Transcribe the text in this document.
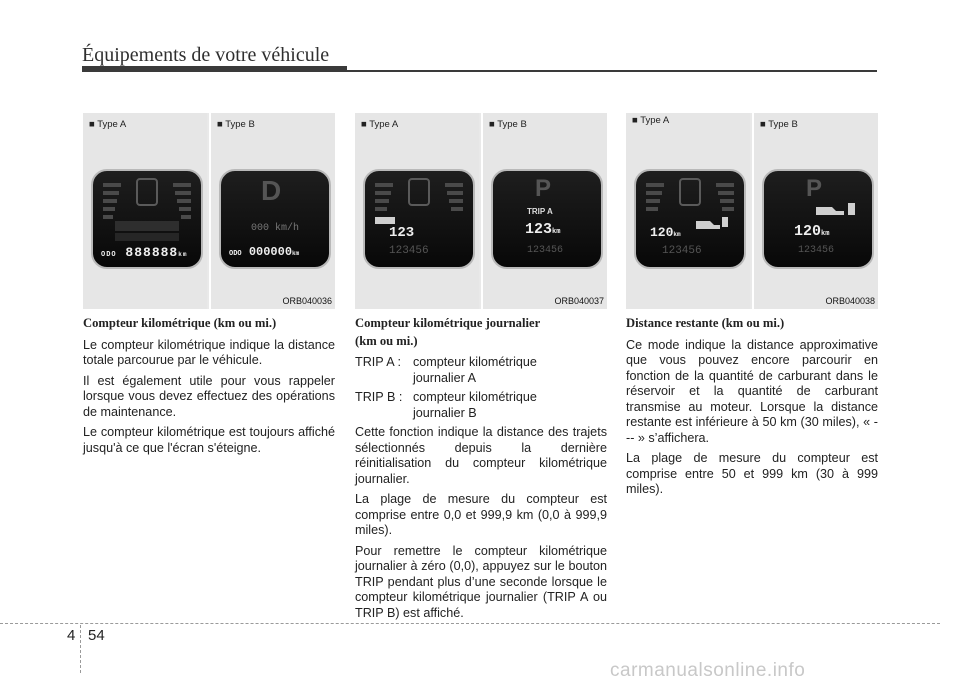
Équipements de votre véhicule
■ Type A
ODO 888888km
■ Type B
D
000 km/h
ODO 000000km
ORB040036
■ Type A
123
123456
■ Type B
P
TRIP A
123km
123456
ORB040037
■ Type A
120km
123456
■ Type B
P
120km
123456
ORB040038

Compteur kilométrique (km ou mi.)

Le compteur kilométrique indique la distance totale parcourue par le véhicule.

Il est également utile pour vous rappeler lorsque vous devez effectuez des opérations de maintenance.

Le compteur kilométrique est toujours affiché jusqu'à ce que l'écran s'éteigne.

Compteur kilométrique journalier

(km ou mi.)

TRIP A : compteur kilométrique
journalier A
TRIP B : compteur kilométrique
journalier B

Cette fonction indique la distance des trajets sélectionnés depuis la dernière réinitialisation du compteur kilométrique journalier.

La plage de mesure du compteur est comprise entre 0,0 et 999,9 km (0,0 à 999,9 miles).

Pour remettre le compteur kilométrique journalier à zéro (0,0), appuyez sur le bouton TRIP pendant plus d’une seconde lorsque le compteur kilométrique journalier (TRIP A ou TRIP B) est affiché.

Distance restante (km ou mi.)

Ce mode indique la distance approximative que vous pouvez encore parcourir en fonction de la quantité de carburant dans le réservoir et la quantité de carburant transmise au moteur. Lorsque la distance restante est inférieure à 50 km (30 miles), « --- » s’affichera.

La plage de mesure du compteur est comprise entre 50 et 999 km (30 à 999 miles).

4 54
carmanualsonline.info
